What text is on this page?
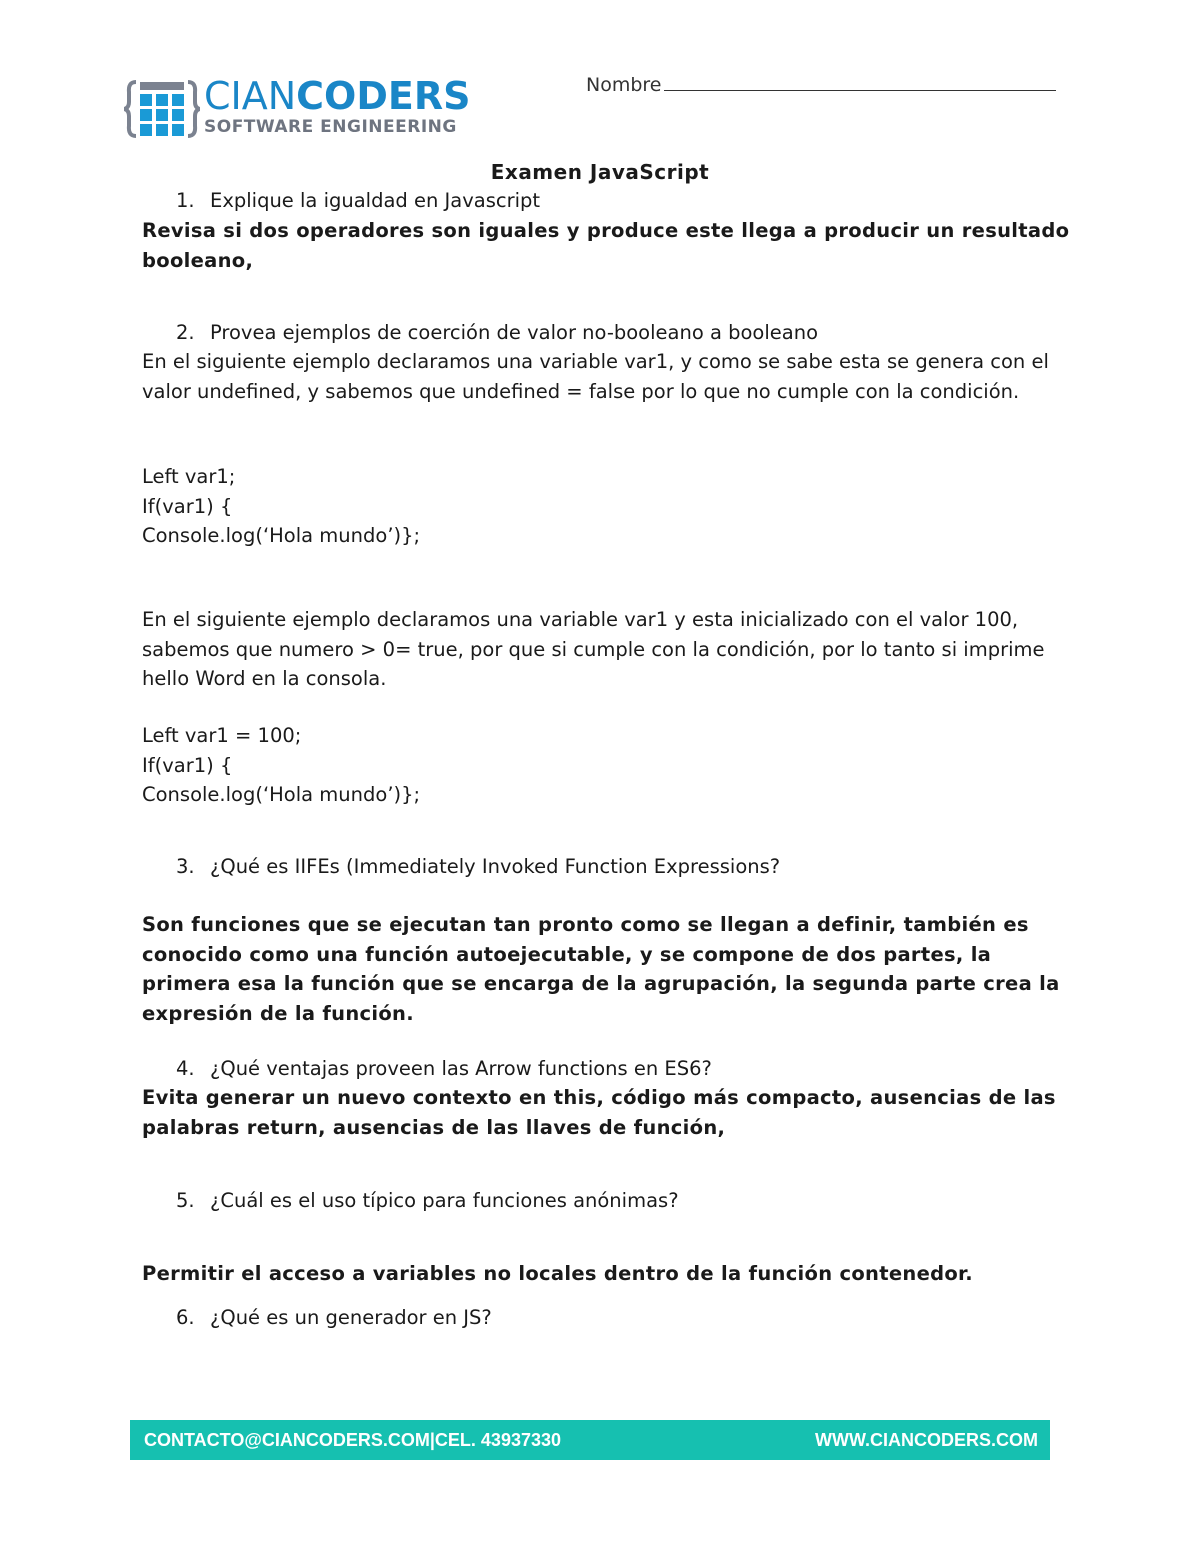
CIANCODERS
SOFTWARE ENGINEERING
Nombre
Examen JavaScript
1. Explique la igualdad en Javascript
Revisa si dos operadores son iguales y produce este llega a producir un resultado booleano,
2. Provea ejemplos de coerción de valor no-booleano a booleano
En el siguiente ejemplo declaramos una variable var1, y como se sabe esta se genera con el valor undefined, y sabemos que undefined = false por lo que no cumple con la condición.

Left var1;

If(var1) {

Console.log(‘Hola mundo’)};

En el siguiente ejemplo declaramos una variable var1 y esta inicializado con el valor 100, sabemos que numero > 0= true, por que si cumple con la condición, por lo tanto si imprime hello Word en la consola.

Left var1 = 100;

If(var1) {

Console.log(‘Hola mundo’)};

3. ¿Qué es IIFEs (Immediately Invoked Function Expressions?
Son funciones que se ejecutan tan pronto como se llegan a definir, también es conocido como una función autoejecutable, y se compone de dos partes, la primera esa la función que se encarga de la agrupación, la segunda parte crea la expresión de la función.
4. ¿Qué ventajas proveen las Arrow functions en ES6?
Evita generar un nuevo contexto en this, código más compacto, ausencias de las palabras return, ausencias de las llaves de función,
5. ¿Cuál es el uso típico para funciones anónimas?
Permitir el acceso a variables no locales dentro de la función contenedor.
6. ¿Qué es un generador en JS?
CONTACTO@CIANCODERS.COM|CEL. 43937330	WWW.CIANCODERS.COM
